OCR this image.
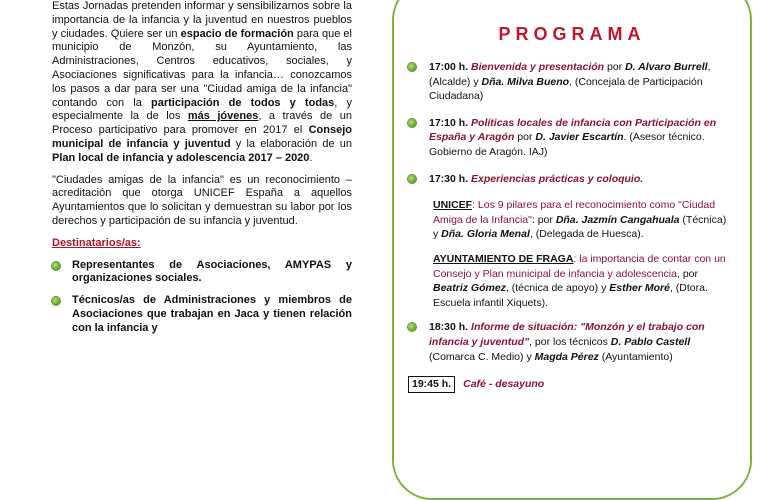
Estas Jornadas pretenden informar y sensibilizarnos sobre la importancia de la infancia y la juventud en nuestros pueblos y ciudades. Quiere ser un espacio de formación para que el municipio de Monzón, su Ayuntamiento, las Administraciones, Centros educativos, sociales, y Asociaciones significativas para la infancia… conozcamos los pasos a dar para ser una "Ciudad amiga de la infancia" contando con la participación de todos y todas, y especialmente la de los más jóvenes, a través de un Proceso participativo para promover en 2017 el Consejo municipal de infancia y juventud y la elaboración de un Plan local de infancia y adolescencia 2017 – 2020.

"Ciudades amigas de la infancia" es un reconocimiento – acreditación que otorga UNICEF España a aquellos Ayuntamientos que lo solicitan y demuestran su labor por los derechos y participación de su infancia y juventud.

Destinatarios/as:
Representantes de Asociaciones, AMYPAS y organizaciones sociales.
Técnicos/as de Administraciones y miembros de Asociaciones que trabajan en Jaca y tienen relación con la infancia y
PROGRAMA
17:00 h. Bienvenida y presentación por D. Alvaro Burrell, (Alcalde) y Dña. Milva Bueno, (Concejala de Participación Ciudadana)
17:10 h. Políticas locales de infancia con Participación en España y Aragón por D. Javier Escartín. (Asesor técnico. Gobierno de Aragón. IAJ)
17:30 h. Experiencias prácticas y coloquio.
UNICEF: Los 9 pilares para el reconocimiento como "Ciudad Amiga de la Infancia": por Dña. Jazmín Cangahuala (Técnica) y Dña. Gloria Menal, (Delegada de Huesca).
AYUNTAMIENTO DE FRAGA: la importancia de contar con un Consejo y Plan municipal de infancia y adolescencia, por Beatriz Gómez, (técnica de apoyo) y Esther Moré, (Dtora. Escuela infantil Xiquets).
18:30 h. Informe de situación: "Monzón y el trabajo con infancia y juventud", por los técnicos D. Pablo Castell (Comarca C. Medio) y Magda Pérez (Ayuntamiento)
19:45 h.	Café - desayuno
